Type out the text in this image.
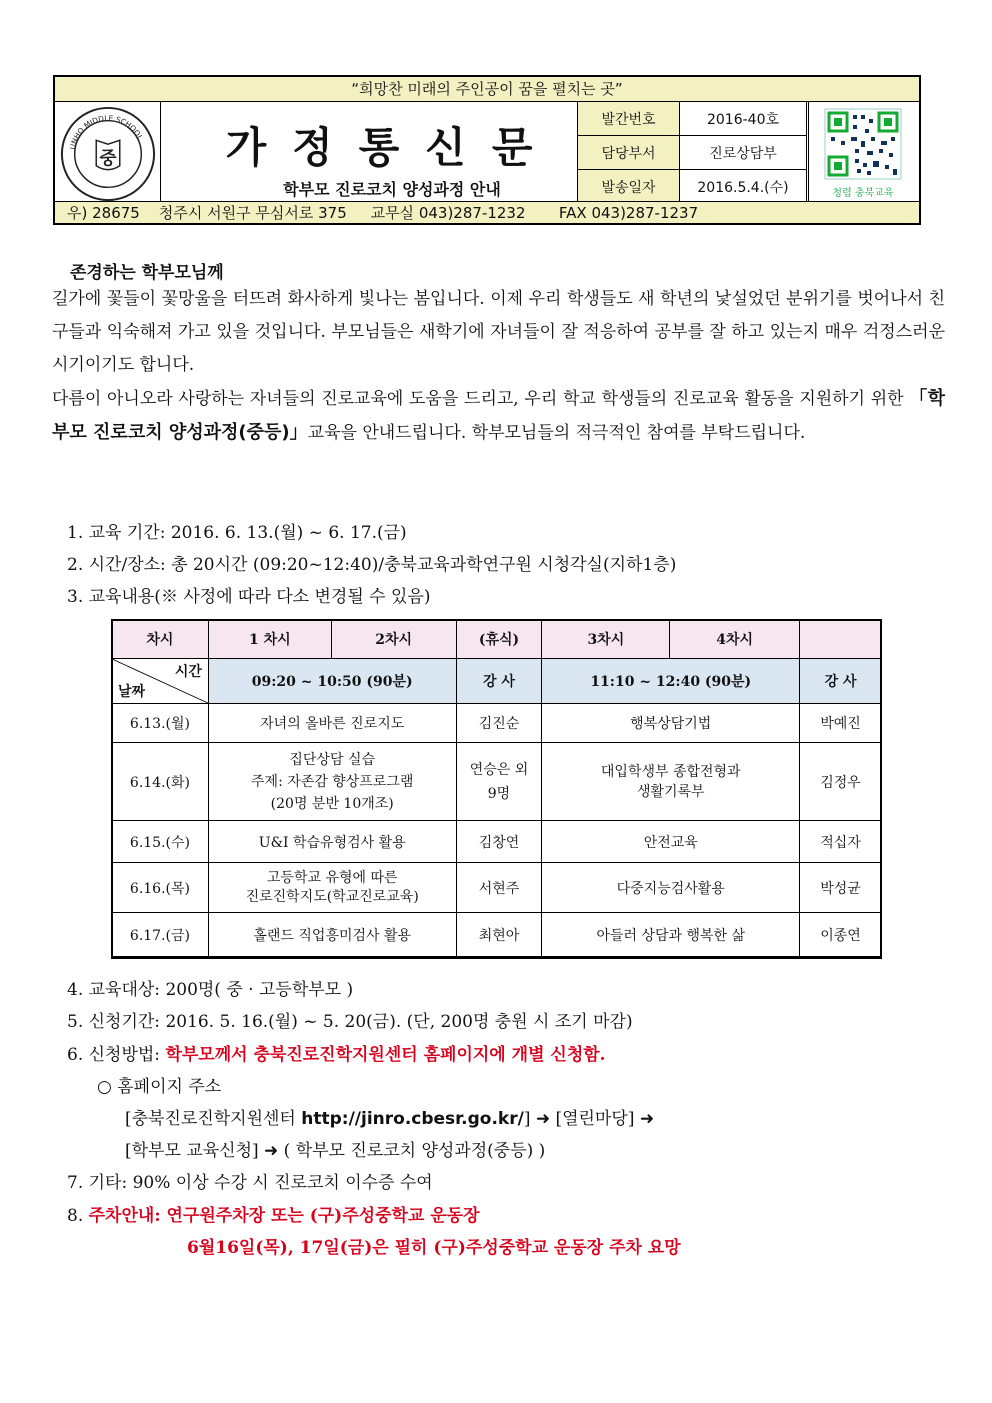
“희망찬 미래의 주인공이 꿈을 펼치는 곳”
UNHO MIDDLE SCHOOL
중	가정통신문
학부모 진로코치 양성과정 안내
발간번호	2016-40호
담당부서	진로상담부
발송일자	2016.5.4.(수)	청렴 충북교육
우) 28675    청주시 서원구 무심서로 375     교무실 043)287-1232       FAX 043)287-1237
존경하는 학부모님께
길가에 꽃들이 꽃망울을 터뜨려 화사하게 빛나는 봄입니다. 이제 우리 학생들도 새 학년의 낯설었던 분위기를 벗어나서 친구들과 익숙해져 가고 있을 것입니다. 부모님들은 새학기에 자녀들이 잘 적응하여 공부를 잘 하고 있는지 매우 걱정스러운 시기이기도 합니다.
다름이 아니오라 사랑하는 자녀들의 진로교육에 도움을 드리고, 우리 학교 학생들의 진로교육 활동을 지원하기 위한 「학부모 진로코치 양성과정(중등)」교육을 안내드립니다. 학부모님들의 적극적인 참여를 부탁드립니다.
1. 교육 기간: 2016. 6. 13.(월) ~ 6. 17.(금)
2. 시간/장소: 총 20시간 (09:20~12:40)/충북교육과학연구원 시청각실(지하1층)
3. 교육내용(※ 사정에 따라 다소 변경될 수 있음)
차시	1 차시	2차시	(휴식)	3차시	4차시	

시간
날짜	09:20 ~ 10:50 (90분)		강 사	11:10 ~ 12:40 (90분)		강 사
6.13.(월)	자녀의 올바른 진로지도		김진순	행복상담기법		박예진
6.14.(화)	집단상담 실습
주제: 자존감 향상프로그램
(20명 분반 10개조)		연승은 외
9명	대입학생부 종합전형과
생활기록부		김정우
6.15.(수)	U&I 학습유형검사 활용		김창연	안전교육		적십자
6.16.(목)	고등학교 유형에 따른
진로진학지도(학교진로교육)		서현주	다중지능검사활용		박성균
6.17.(금)	홀랜드 직업흥미검사 활용		최현아	아들러 상담과 행복한 삶		이종연
4. 교육대상: 200명( 중 · 고등학부모 )
5. 신청기간: 2016. 5. 16.(월) ~ 5. 20(금). (단, 200명 충원 시 조기 마감)
6. 신청방법: 학부모께서 충북진로진학지원센터 홈페이지에 개별 신청함.
○ 홈페이지 주소
[충북진로진학지원센터 http://jinro.cbesr.go.kr/] ➜ [열린마당] ➜
[학부모 교육신청] ➜ ( 학부모 진로코치 양성과정(중등) )
7. 기타: 90% 이상 수강 시 진로코치 이수증 수여
8. 주차안내: 연구원주차장 또는 (구)주성중학교 운동장
6월16일(목), 17일(금)은 필히 (구)주성중학교 운동장 주차 요망
